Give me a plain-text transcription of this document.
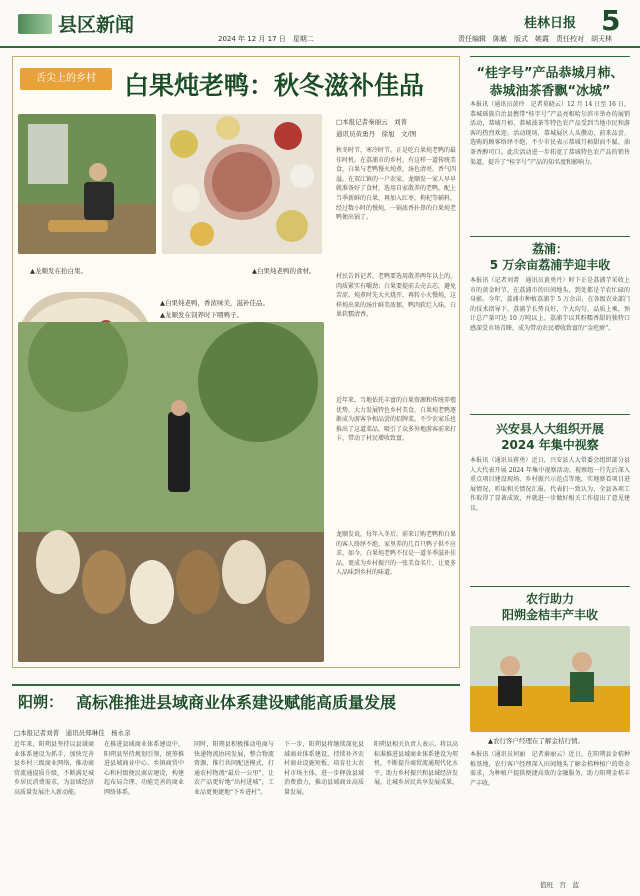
县区新闻
2024 年 12 月 17 日　星期二	责任编辑　陈敏　版式　姚霞　责任校对　胡天林
桂林日报 5
舌尖上的乡村	白果炖老鸭：秋冬滋补佳品
▲龙顺发在抬白果。	▲白果炖老鸭的食材。
▲白果炖老鸭，香浓味美，滋补佳品。
▲龙顺发在饲养时下喂鸭子。
□本报记者秦丽云　刘菁
通讯员黄勇丹　徐旭　文/图
秋冬时节，寒冷时节，正是吃白果炖老鸭的最佳时机。在荔浦市的乡村，有这样一道传统美食，白果与老鸭慢火炖煮，汤色清亮，香气四溢。在双江镇的一户农家，龙顺发一家人早早就准备好了食材，选用自家散养的老鸭，配上当季新鲜的白果，再加入红枣、枸杞等辅料，经过数小时的慢炖，一锅浓香扑鼻的白果炖老鸭便出锅了。
村民告诉记者，老鸭要选用散养两年以上的，肉质紧实有嚼劲；白果要提前去壳去芯，避免苦涩。炖煮时先大火烧开，再转小火慢炖，这样炖出来的汤汁鲜美浓郁，鸭肉软烂入味，白果软糯清香。
近年来，当地依托丰富的白果资源和传统养殖优势，大力发展特色乡村美食，白果炖老鸭逐渐成为游客争相品尝的招牌菜。不少农家乐也推出了这道菜品，吸引了众多外地游客前来打卡，带动了村民增收致富。
龙顺发说，每年入冬后，前来订购老鸭和白果的客人络绎不绝，家里养的几百只鸭子供不应求。如今，白果炖老鸭不仅是一道冬季滋补佳品，更成为乡村振兴的一张美食名片，让更多人品味到乡村的味道。
阳朔： 高标准推进县域商业体系建设赋能高质量发展
□本报记者刘菁　通讯员郑琳佳　杨永亲
近年来，阳朔县坚持以县域商业体系建设为抓手，加快完善县乡村三级商业网络，推动商贸流通提质升级，不断满足城乡居民消费需求，为县域经济高质量发展注入新动能。
在推进县域商业体系建设中，阳朔县坚持规划引领，统筹推进县城商业中心、乡镇商贸中心和村级便民商店建设，构建起布局合理、功能完善的商业网络体系。
同时，阳朔县积极推动电商与快递物流协同发展，整合物流资源，推行共同配送模式，打通农村物流“最后一公里”，让农产品更好地“出村进城”，工业品更便捷地“下乡进村”。
下一步，阳朔县将继续深化县域商业体系建设，持续补齐农村商业设施短板，培育壮大农村市场主体，进一步释放县域消费潜力，推动县域商业高质量发展。
阳朔县相关负责人表示，将以高标准推进县域商业体系建设为契机，不断提升商贸流通现代化水平，助力乡村振兴和县域经济发展，让城乡居民共享发展成果。
“桂字号”产品恭城月柿、
恭城油茶香飘“冰城”
本报讯（通讯员黄玲　记者莫晓云）12 月 14 日至 16 日，恭城瑶族自治县携带“桂字号”产品亮相哈尔滨市举办的展销活动，恭城月柿、恭城油茶等特色农产品受到当地市民和游客的热烈欢迎。活动现场，恭城展区人头攒动，前来品尝、选购的顾客络绎不绝，不少市民表示恭城月柿甜而不腻、油茶香醇可口。此次活动进一步拓宽了恭城特色农产品的销售渠道，提升了“桂字号”产品的知名度和影响力。
荔浦：
5 万余亩荔浦芋迎丰收
本报讯（记者刘菁　通讯员黄勇丹）时下正是荔浦芋采收上市的黄金时节，在荔浦市的田间地头，到处都是芋农忙碌的身影。今年，荔浦市种植荔浦芋 5 万余亩，在各级农业部门的技术指导下，荔浦芋长势良好，个大均匀，品质上乘，预计总产量可达 10 万吨以上。荔浦芋以其粉糯香甜的独特口感深受市场青睐，成为带动农民增收致富的“金疙瘩”。
兴安县人大组织开展
2024 年集中视察
本报讯（通讯员蒋勇）近日，兴安县人大常委会组织部分县人大代表开展 2024 年集中视察活动。视察组一行先后深入重点项目建设现场、乡村振兴示范点等地，实地察看项目进展情况，听取相关情况汇报。代表们一致认为，全县各项工作取得了显著成效，并就进一步做好相关工作提出了意见建议。
农行助力
阳朔金桔丰产丰收
▲农行客户经理在了解金桔行情。
本报讯（通讯员何丽　记者秦丽云）近日，在阳朔县金桔种植基地，农行客户经理深入田间地头了解金桔种植户的资金需求，为种植户提供便捷高效的金融服务，助力阳朔金桔丰产丰收。
值班　宫　蓝
